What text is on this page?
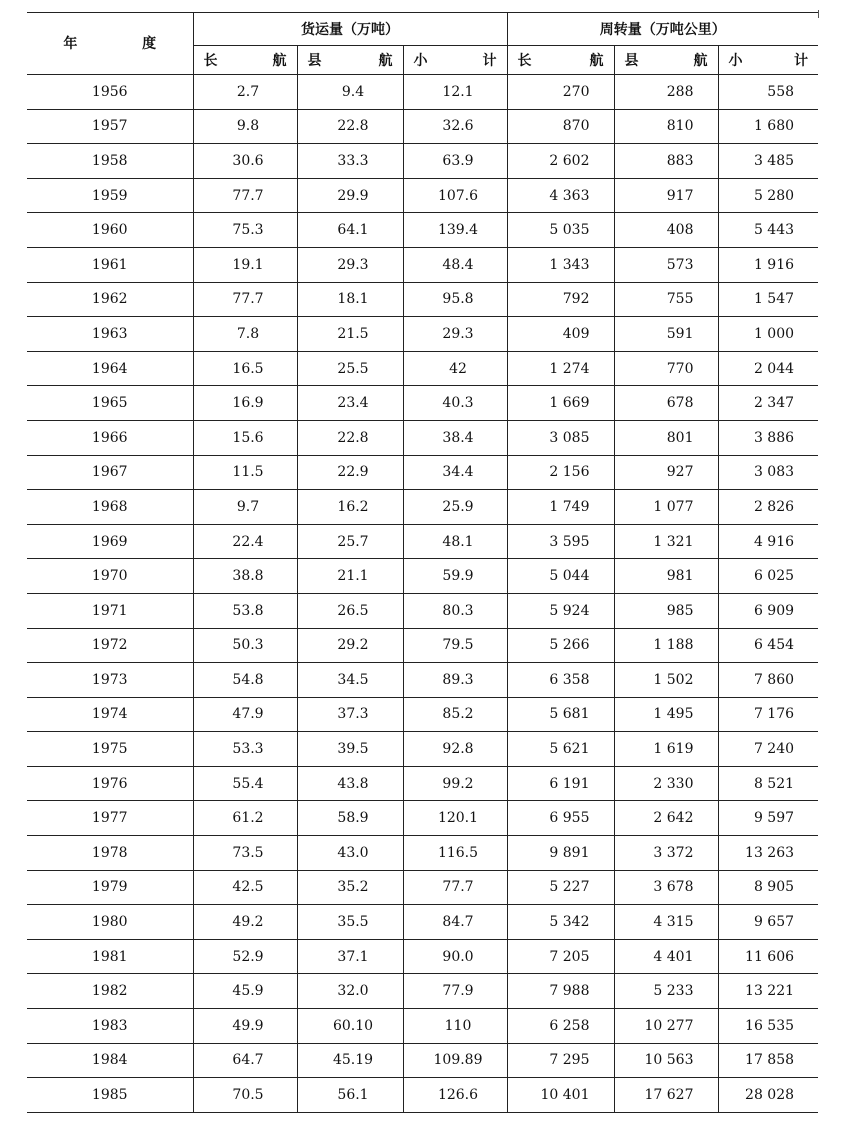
年 度	货运量（万吨）			周转量（万吨公里）		

	长 航	县 航	小 计	长 航	县 航	小 计

1956	2.7	9.4	12.1	270	288	558
1957	9.8	22.8	32.6	870	810	1 680
1958	30.6	33.3	63.9	2 602	883	3 485
1959	77.7	29.9	107.6	4 363	917	5 280
1960	75.3	64.1	139.4	5 035	408	5 443
1961	19.1	29.3	48.4	1 343	573	1 916
1962	77.7	18.1	95.8	792	755	1 547
1963	7.8	21.5	29.3	409	591	1 000
1964	16.5	25.5	42	1 274	770	2 044
1965	16.9	23.4	40.3	1 669	678	2 347
1966	15.6	22.8	38.4	3 085	801	3 886
1967	11.5	22.9	34.4	2 156	927	3 083
1968	9.7	16.2	25.9	1 749	1 077	2 826
1969	22.4	25.7	48.1	3 595	1 321	4 916
1970	38.8	21.1	59.9	5 044	981	6 025
1971	53.8	26.5	80.3	5 924	985	6 909
1972	50.3	29.2	79.5	5 266	1 188	6 454
1973	54.8	34.5	89.3	6 358	1 502	7 860
1974	47.9	37.3	85.2	5 681	1 495	7 176
1975	53.3	39.5	92.8	5 621	1 619	7 240
1976	55.4	43.8	99.2	6 191	2 330	8 521
1977	61.2	58.9	120.1	6 955	2 642	9 597
1978	73.5	43.0	116.5	9 891	3 372	13 263
1979	42.5	35.2	77.7	5 227	3 678	8 905
1980	49.2	35.5	84.7	5 342	4 315	9 657
1981	52.9	37.1	90.0	7 205	4 401	11 606
1982	45.9	32.0	77.9	7 988	5 233	13 221
1983	49.9	60.10	110	6 258	10 277	16 535
1984	64.7	45.19	109.89	7 295	10 563	17 858
1985	70.5	56.1	126.6	10 401	17 627	28 028
